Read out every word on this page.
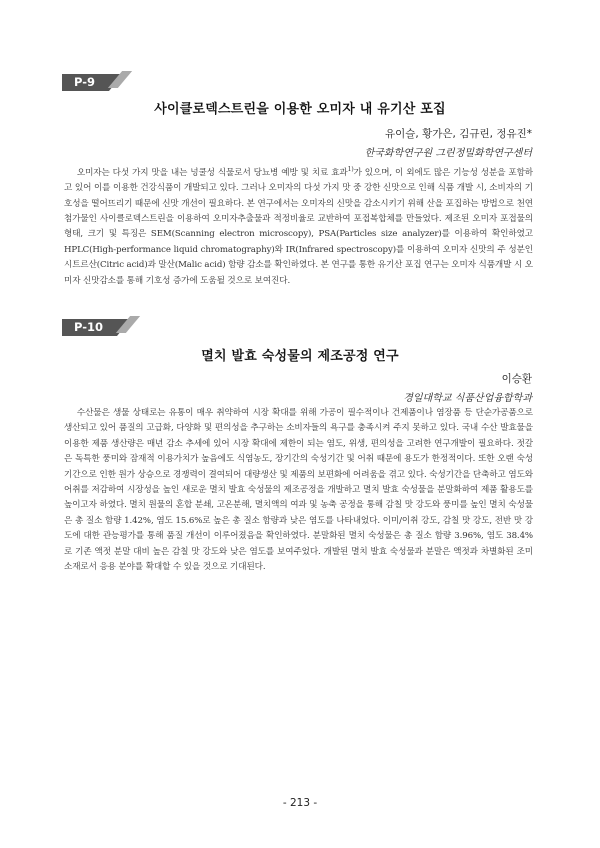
P-9
사이클로덱스트린을 이용한 오미자 내 유기산 포집
유이슬, 황가은, 김규린, 정유진*
한국화학연구원 그린정밀화학연구센터

오미자는 다섯 가지 맛을 내는 넝쿨성 식물로서 당뇨병 예방 및 치료 효과$^{1)}$가 있으며, 이 외에도 많은 기능성 성분을 포함하고 있어 이를 이용한 건강식품이 개발되고 있다. 그러나 오미자의 다섯 가지 맛 중 강한 신맛으로 인해 식품 개발 시, 소비자의 기호성을 떨어뜨리기 때문에 신맛 개선이 필요하다. 본 연구에서는 오미자의 신맛을 감소시키기 위해 산을 포집하는 방법으로 천연첨가물인 사이클로덱스트린을 이용하여 오미자추출물과 적정비율로 교반하여 포접복합체를 만들었다. 제조된 오미자 포접물의 형태, 크기 및 특징은 SEM(Scanning electron microscopy), PSA(Particles size analyzer)를 이용하여 확인하였고 HPLC(High-performance liquid chromatography)와 IR(Infrared spectroscopy)를 이용하여 오미자 신맛의 주 성분인 시트르산(Citric acid)과 말산(Malic acid) 함량 감소를 확인하였다. 본 연구를 통한 유기산 포집 연구는 오미자 식품개발 시 오미자 신맛감소를 통해 기호성 증가에 도움될 것으로 보여진다.

P-10
멸치 발효 숙성물의 제조공정 연구
이승환
경일대학교 식품산업융합학과

수산물은 생물 상태로는 유통이 매우 취약하여 시장 확대를 위해 가공이 필수적이나 건제품이나 염장품 등 단순가공품으로 생산되고 있어 품질의 고급화, 다양화 및 편의성을 추구하는 소비자들의 욕구를 충족시켜 주지 못하고 있다. 국내 수산 발효물을 이용한 제품 생산량은 매년 감소 추세에 있어 시장 확대에 제한이 되는 염도, 위생, 편의성을 고려한 연구개발이 필요하다. 젓갈은 독특한 풍미와 잠재적 이용가치가 높음에도 식염농도, 장기간의 숙성기간 및 어취 때문에 용도가 한정적이다. 또한 오랜 숙성기간으로 인한 원가 상승으로 경쟁력이 결여되어 대량생산 및 제품의 보편화에 어려움을 겪고 있다. 숙성기간을 단축하고 염도와 어취를 저감하여 시장성을 높인 새로운 멸치 발효 숙성물의 제조공정을 개발하고 멸치 발효 숙성물을 분말화하여 제품 활용도를 높이고자 하였다. 멸치 원물의 혼합 분쇄, 고온분해, 멸치액의 여과 및 농축 공정을 통해 감칠 맛 강도와 풍미를 높인 멸치 숙성물은 총 질소 함량 1.42%, 염도 15.6%로 높은 총 질소 함량과 낮은 염도를 나타내었다. 이미/이취 강도, 감칠 맛 강도, 전반 맛 강도에 대한 관능평가를 통해 품질 개선이 이루어졌음을 확인하였다. 분말화된 멸치 숙성물은 총 질소 함량 3.96%, 염도 38.4%로 기존 액젓 분말 대비 높은 감칠 맛 강도와 낮은 염도를 보여주었다. 개발된 멸치 발효 숙성물과 분말은 액젓과 차별화된 조미소재로서 응용 분야를 확대할 수 있을 것으로 기대된다.

- 213 -
